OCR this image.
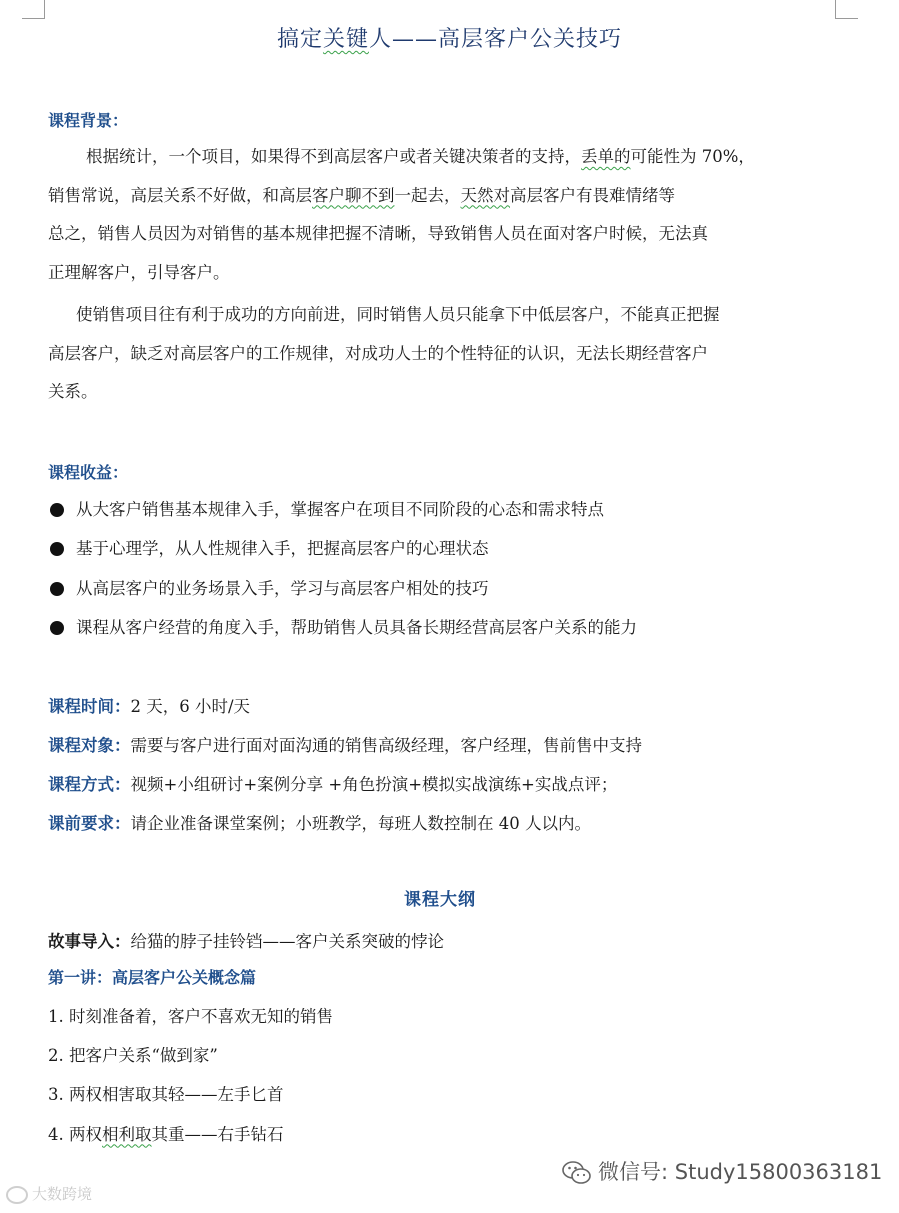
搞定关键人——高层客户公关技巧
课程背景：
根据统计，一个项目，如果得不到高层客户或者关键决策者的支持，丢单的可能性为 70%，
销售常说，高层关系不好做，和高层客户聊不到一起去，天然对高层客户有畏难情绪等
总之，销售人员因为对销售的基本规律把握不清晰，导致销售人员在面对客户时候，无法真
正理解客户，引导客户。
使销售项目往有利于成功的方向前进，同时销售人员只能拿下中低层客户，不能真正把握
高层客户，缺乏对高层客户的工作规律，对成功人士的个性特征的认识，无法长期经营客户
关系。
课程收益：
从大客户销售基本规律入手，掌握客户在项目不同阶段的心态和需求特点
基于心理学，从人性规律入手，把握高层客户的心理状态
从高层客户的业务场景入手，学习与高层客户相处的技巧
课程从客户经营的角度入手，帮助销售人员具备长期经营高层客户关系的能力
课程时间：2 天，6 小时/天
课程对象：需要与客户进行面对面沟通的销售高级经理，客户经理，售前售中支持
课程方式：视频+小组研讨+案例分享 +角色扮演+模拟实战演练+实战点评；
课前要求：请企业准备课堂案例；小班教学，每班人数控制在 40 人以内。
课程大纲
故事导入：给猫的脖子挂铃铛——客户关系突破的悖论
第一讲：高层客户公关概念篇
1. 时刻准备着，客户不喜欢无知的销售
2. 把客户关系“做到家”
3. 两权相害取其轻——左手匕首
4. 两权相利取其重——右手钻石
大数跨境
微信号: Study15800363181
